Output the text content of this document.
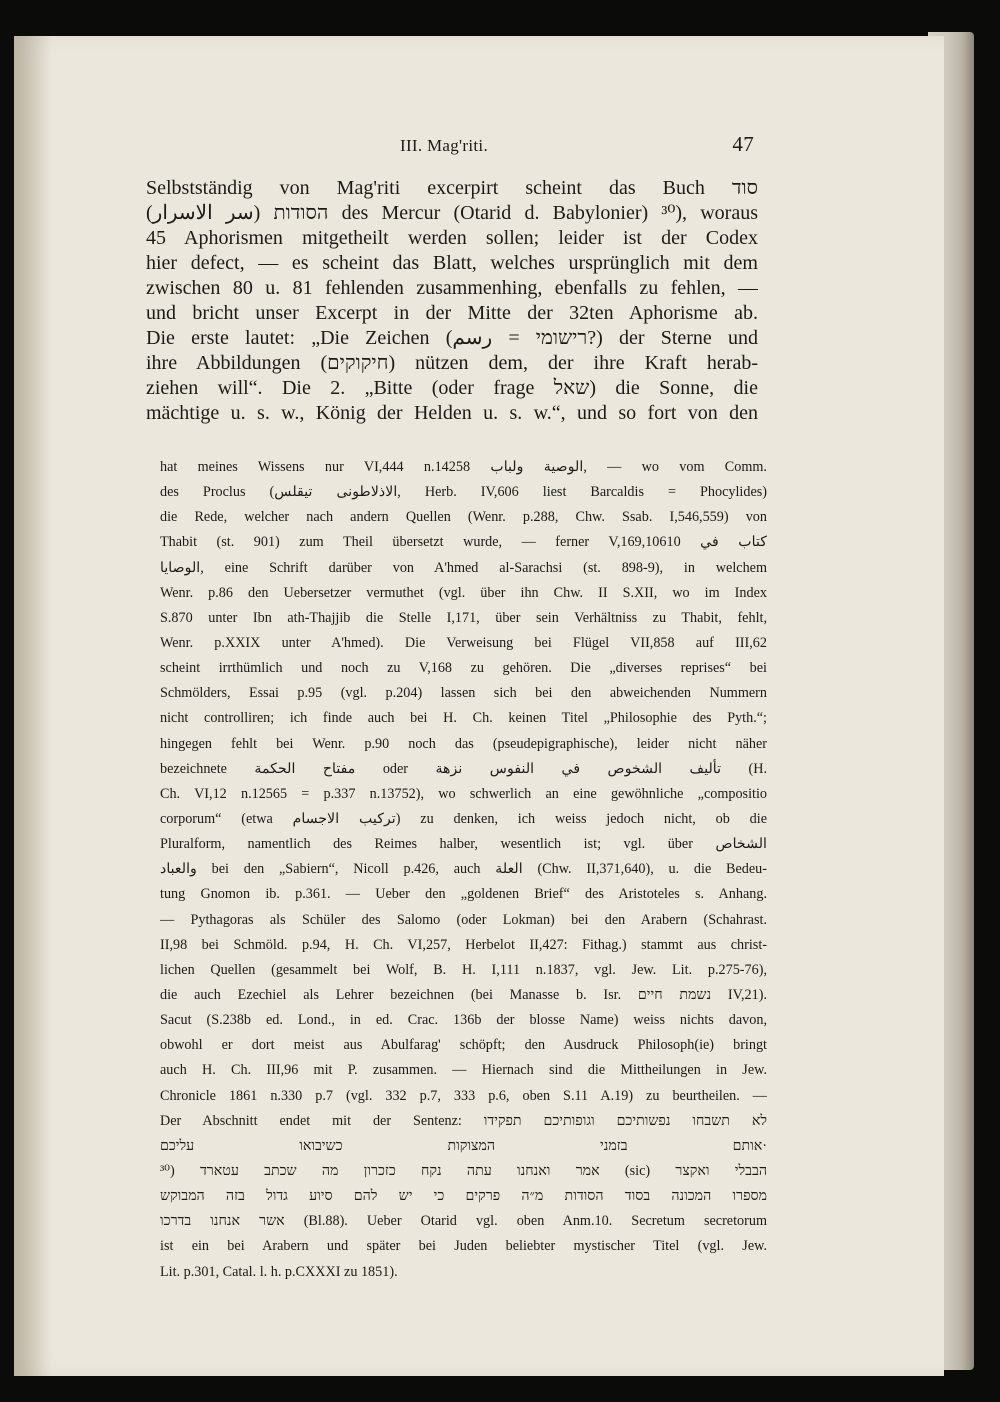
III. Mag'riti.	47
Selbstständig von Mag'riti excerpirt scheint das Buch סוד
הסודות (سر الاسرار) des Mercur (Otarid d. Babylonier) ³⁰), woraus
45 Aphorismen mitgetheilt werden sollen; leider ist der Codex
hier defect, — es scheint das Blatt, welches ursprünglich mit dem
zwischen 80 u. 81 fehlenden zusammenhing, ebenfalls zu fehlen, —
und bricht unser Excerpt in der Mitte der 32ten Aphorisme ab.
Die erste lautet: „Die Zeichen (רישומי = رسم?) der Sterne und
ihre Abbildungen (חיקוקים) nützen dem, der ihre Kraft herab-
ziehen will“. Die 2. „Bitte (oder frage שאל) die Sonne, die
mächtige u. s. w., König der Helden u. s. w.“, und so fort von den
hat meines Wissens nur VI,444 n.14258 الوصية ولباب, — wo vom Comm.
des Proclus (الاذلاطونى تيقلس, Herb. IV,606 liest Barcaldis = Phocylides)
die Rede, welcher nach andern Quellen (Wenr. p.288, Chw. Ssab. I,546,559) von
Thabit (st. 901) zum Theil übersetzt wurde, — ferner V,169,10610 كتاب في
الوصايا, eine Schrift darüber von A'hmed al-Sarachsi (st. 898-9), in welchem
Wenr. p.86 den Uebersetzer vermuthet (vgl. über ihn Chw. II S.XII, wo im Index
S.870 unter Ibn ath-Thajjib die Stelle I,171, über sein Verhältniss zu Thabit, fehlt,
Wenr. p.XXIX unter A'hmed). Die Verweisung bei Flügel VII,858 auf III,62
scheint irrthümlich und noch zu V,168 zu gehören. Die „diverses reprises“ bei
Schmölders, Essai p.95 (vgl. p.204) lassen sich bei den abweichenden Nummern
nicht controlliren; ich finde auch bei H. Ch. keinen Titel „Philosophie des Pyth.“;
hingegen fehlt bei Wenr. p.90 noch das (pseudepigraphische), leider nicht näher
bezeichnete مفتاح الحكمة oder تأليف الشخوص في النفوس نزهة (H.
Ch. VI,12 n.12565 = p.337 n.13752), wo schwerlich an eine gewöhnliche „compositio
corporum“ (etwa تركيب الاجسام) zu denken, ich weiss jedoch nicht, ob die
Pluralform, namentlich des Reimes halber, wesentlich ist; vgl. über الشخاص
والعباد bei den „Sabiern“, Nicoll p.426, auch العلة (Chw. II,371,640), u. die Bedeu-
tung Gnomon ib. p.361. — Ueber den „goldenen Brief“ des Aristoteles s. Anhang.
— Pythagoras als Schüler des Salomo (oder Lokman) bei den Arabern (Schahrast.
II,98 bei Schmöld. p.94, H. Ch. VI,257, Herbelot II,427: Fithag.) stammt aus christ-
lichen Quellen (gesammelt bei Wolf, B. H. I,111 n.1837, vgl. Jew. Lit. p.275-76),
die auch Ezechiel als Lehrer bezeichnen (bei Manasse b. Isr. נשמת חיים IV,21).
Sacut (S.238b ed. Lond., in ed. Crac. 136b der blosse Name) weiss nichts davon,
obwohl er dort meist aus Abulfarag' schöpft; den Ausdruck Philosoph(ie) bringt
auch H. Ch. III,96 mit P. zusammen. — Hiernach sind die Mittheilungen in Jew.
Chronicle 1861 n.330 p.7 (vgl. 332 p.7, 333 p.6, oben S.11 A.19) zu beurtheilen. —
Der Abschnitt endet mit der Sentenz: לא תשבחו נפשותיכם וגופותיכם תפקידו
אותם בזמני המצוקות כשיבואו עליכם·
³⁰) אמר ואנחנו עתה נקח כזכרון מה שכתב עטארד (sic) הבבלי ואקצר
מספרו המכונה בסוד הסודות מ״ה פרקים כי יש להם סיוע גדול בזה המבוקש
אשר אנחנו בדרכו (Bl.88). Ueber Otarid vgl. oben Anm.10. Secretum secretorum
ist ein bei Arabern und später bei Juden beliebter mystischer Titel (vgl. Jew.
Lit. p.301, Catal. l. h. p.CXXXI zu 1851).
